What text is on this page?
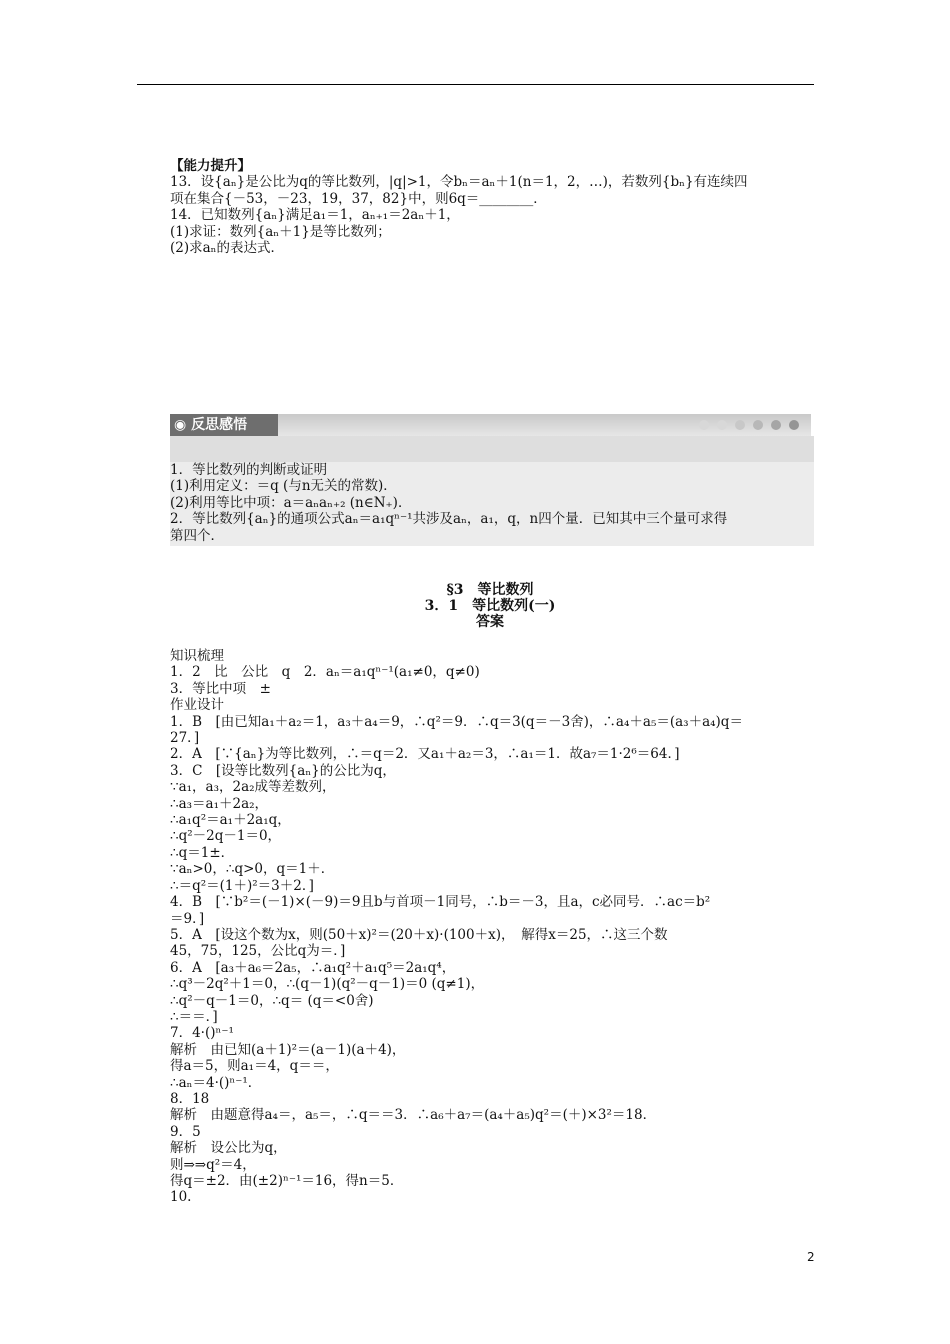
【能力提升】
13．设{aₙ}是公比为q的等比数列，|q|>1，令bₙ＝aₙ＋1(n＝1，2，…)，若数列{bₙ}有连续四
项在集合{－53，－23，19，37，82}中，则6q＝________．
14．已知数列{aₙ}满足a₁＝1，aₙ₊₁＝2aₙ＋1，
(1)求证：数列{aₙ＋1}是等比数列；
(2)求aₙ的表达式．
◉ 反思感悟
1．等比数列的判断或证明
(1)利用定义：＝q (与n无关的常数)．
(2)利用等比中项：a＝aₙaₙ₊₂ (n∈N₊)．
2．等比数列{aₙ}的通项公式aₙ＝a₁qⁿ⁻¹共涉及aₙ，a₁，q，n四个量．已知其中三个量可求得
第四个．
§3　等比数列
3．1　等比数列(一)
答案
知识梳理
1．2　比　公比　q　2．aₙ＝a₁qⁿ⁻¹(a₁≠0，q≠0)
3．等比中项　±
作业设计
1．B　[由已知a₁＋a₂＝1，a₃＋a₄＝9，∴q²＝9．∴q＝3(q＝－3舍)，∴a₄＋a₅＝(a₃＋a₄)q＝
27．]
2．A　[∵{aₙ}为等比数列，∴＝q＝2．又a₁＋a₂＝3，∴a₁＝1．故a₇＝1·2⁶＝64．]
3．C　[设等比数列{aₙ}的公比为q，
∵a₁，a₃，2a₂成等差数列，
∴a₃＝a₁＋2a₂，
∴a₁q²＝a₁＋2a₁q，
∴q²－2q－1＝0，
∴q＝1±．
∵aₙ>0，∴q>0，q＝1＋．
∴＝q²＝(1＋)²＝3＋2．]
4．B　[∵b²＝(－1)×(－9)＝9且b与首项－1同号，∴b＝－3，且a，c必同号．∴ac＝b²
＝9．]
5．A　[设这个数为x，则(50＋x)²＝(20＋x)·(100＋x)，　解得x＝25，∴这三个数
45，75，125，公比q为＝．]
6．A　[a₃＋a₆＝2a₅，∴a₁q²＋a₁q⁵＝2a₁q⁴，
∴q³－2q²＋1＝0，∴(q－1)(q²－q－1)＝0 (q≠1)，
∴q²－q－1＝0，∴q＝ (q＝<0舍)
∴＝＝．]
7．4·()ⁿ⁻¹
解析　由已知(a＋1)²＝(a－1)(a＋4)，
得a＝5，则a₁＝4，q＝＝，
∴aₙ＝4·()ⁿ⁻¹．
8．18
解析　由题意得a₄＝，a₅＝，∴q＝＝3．∴a₆＋a₇＝(a₄＋a₅)q²＝(＋)×3²＝18．
9．5
解析　设公比为q，
则⇒⇒q²＝4，
得q＝±2．由(±2)ⁿ⁻¹＝16，得n＝5．
10.
2
